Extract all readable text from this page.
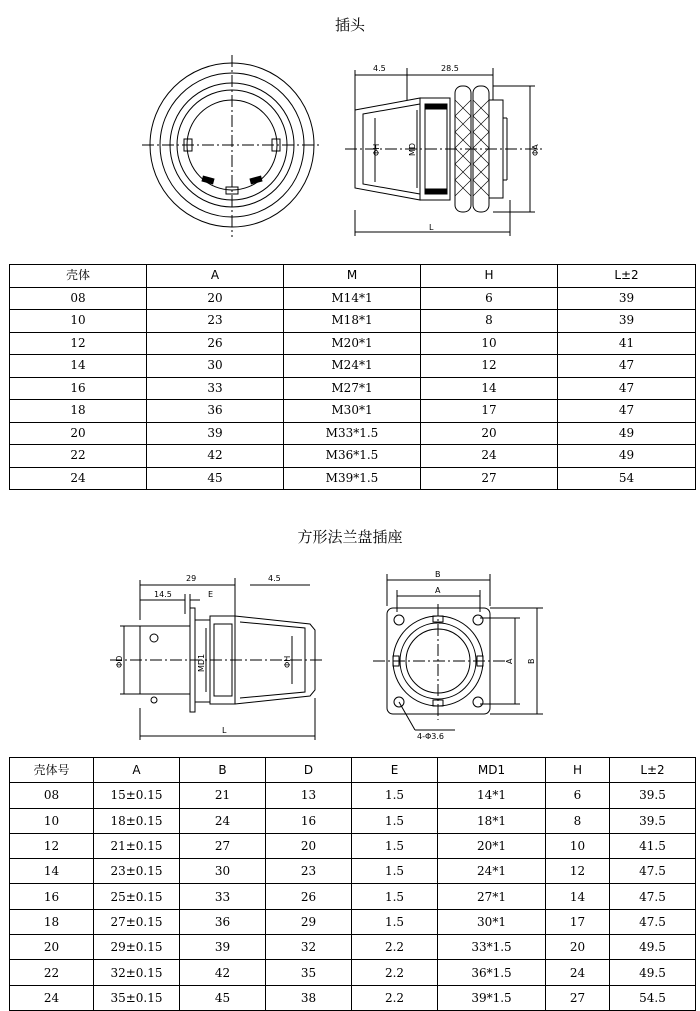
插头
4.5	28.5
ΦH	MD	ΦA
L
壳体	A	M	H	L±2
08	20	M14*1	6	39
10	23	M18*1	8	39
12	26	M20*1	10	41
14	30	M24*1	12	47
16	33	M27*1	14	47
18	36	M30*1	17	47
20	39	M33*1.5	20	49
22	42	M36*1.5	24	49
24	45	M39*1.5	27	54
方形法兰盘插座
29	4.5
14.5	E
ΦD	MD1	ΦH
L
B
A
A B
4-Φ3.6
壳体号	A	B	D	E	MD1	H	L±2
08	15±0.15	21	13	1.5	14*1	6	39.5
10	18±0.15	24	16	1.5	18*1	8	39.5
12	21±0.15	27	20	1.5	20*1	10	41.5
14	23±0.15	30	23	1.5	24*1	12	47.5
16	25±0.15	33	26	1.5	27*1	14	47.5
18	27±0.15	36	29	1.5	30*1	17	47.5
20	29±0.15	39	32	2.2	33*1.5	20	49.5
22	32±0.15	42	35	2.2	36*1.5	24	49.5
24	35±0.15	45	38	2.2	39*1.5	27	54.5
